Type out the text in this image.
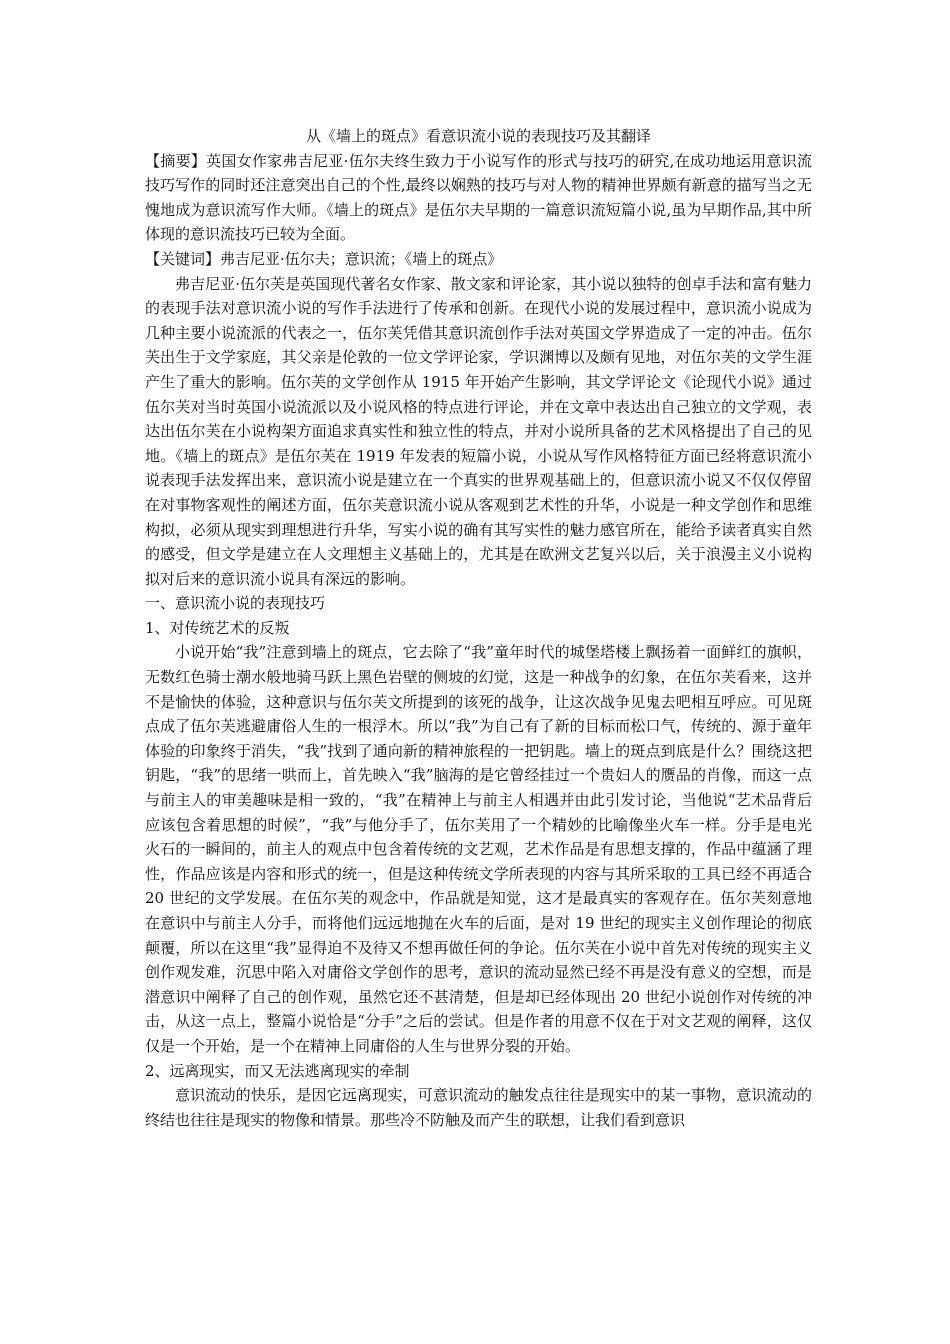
从《墙上的斑点》看意识流小说的表现技巧及其翻译

【摘要】英国女作家弗吉尼亚·伍尔夫终生致力于小说写作的形式与技巧的研究,在成功地运用意识流技巧写作的同时还注意突出自己的个性,最终以娴熟的技巧与对人物的精神世界颇有新意的描写当之无愧地成为意识流写作大师。《墙上的斑点》是伍尔夫早期的一篇意识流短篇小说,虽为早期作品,其中所体现的意识流技巧已较为全面。

【关键词】弗吉尼亚·伍尔夫；意识流；《墙上的斑点》

弗吉尼亚·伍尔芙是英国现代著名女作家、散文家和评论家，其小说以独特的创卓手法和富有魅力的表现手法对意识流小说的写作手法进行了传承和创新。在现代小说的发展过程中，意识流小说成为几种主要小说流派的代表之一，伍尔芙凭借其意识流创作手法对英国文学界造成了一定的冲击。伍尔芙出生于文学家庭，其父亲是伦敦的一位文学评论家，学识渊博以及颇有见地，对伍尔芙的文学生涯产生了重大的影响。伍尔芙的文学创作从 1915 年开始产生影响，其文学评论文《论现代小说》通过伍尔芙对当时英国小说流派以及小说风格的特点进行评论，并在文章中表达出自己独立的文学观，表达出伍尔芙在小说构架方面追求真实性和独立性的特点，并对小说所具备的艺术风格提出了自己的见地。《墙上的斑点》是伍尔芙在 1919 年发表的短篇小说，小说从写作风格特征方面已经将意识流小说表现手法发挥出来，意识流小说是建立在一个真实的世界观基础上的，但意识流小说又不仅仅停留在对事物客观性的阐述方面，伍尔芙意识流小说从客观到艺术性的升华，小说是一种文学创作和思维构拟，必须从现实到理想进行升华，写实小说的确有其写实性的魅力感官所在，能给予读者真实自然的感受，但文学是建立在人文理想主义基础上的，尤其是在欧洲文艺复兴以后，关于浪漫主义小说构拟对后来的意识流小说具有深远的影响。

一、意识流小说的表现技巧

1、对传统艺术的反叛

小说开始“我”注意到墙上的斑点，它去除了“我”童年时代的城堡塔楼上飘扬着一面鲜红的旗帜，无数红色骑士潮水般地骑马跃上黑色岩壁的侧坡的幻觉，这是一种战争的幻象，在伍尔芙看来，这并不是愉快的体验，这种意识与伍尔芙文所提到的该死的战争，让这次战争见鬼去吧相互呼应。可见斑点成了伍尔芙逃避庸俗人生的一根浮木。所以“我”为自己有了新的目标而松口气，传统的、源于童年体验的印象终于消失，“我”找到了通向新的精神旅程的一把钥匙。墙上的斑点到底是什么？围绕这把钥匙，“我”的思绪一哄而上，首先映入“我”脑海的是它曾经挂过一个贵妇人的赝品的肖像，而这一点与前主人的审美趣味是相一致的，“我”在精神上与前主人相遇并由此引发讨论，当他说“艺术品背后应该包含着思想的时候”，“我”与他分手了，伍尔芙用了一个精妙的比喻像坐火车一样。分手是电光火石的一瞬间的，前主人的观点中包含着传统的文艺观，艺术作品是有思想支撑的，作品中蕴涵了理性，作品应该是内容和形式的统一，但是这种传统文学所表现的内容与其所采取的工具已经不再适合 20 世纪的文学发展。在伍尔芙的观念中，作品就是知觉，这才是最真实的客观存在。伍尔芙刻意地在意识中与前主人分手，而将他们远远地抛在火车的后面，是对 19 世纪的现实主义创作理论的彻底颠覆，所以在这里“我”显得迫不及待又不想再做任何的争论。伍尔芙在小说中首先对传统的现实主义创作观发难，沉思中陷入对庸俗文学创作的思考，意识的流动显然已经不再是没有意义的空想，而是潜意识中阐释了自己的创作观，虽然它还不甚清楚，但是却已经体现出 20 世纪小说创作对传统的冲击，从这一点上，整篇小说恰是“分手”之后的尝试。但是作者的用意不仅在于对文艺观的阐释，这仅仅是一个开始，是一个在精神上同庸俗的人生与世界分裂的开始。

2、远离现实，而又无法逃离现实的牵制

意识流动的快乐，是因它远离现实，可意识流动的触发点往往是现实中的某一事物，意识流动的终结也往往是现实的物像和情景。那些冷不防触及而产生的联想，让我们看到意识
